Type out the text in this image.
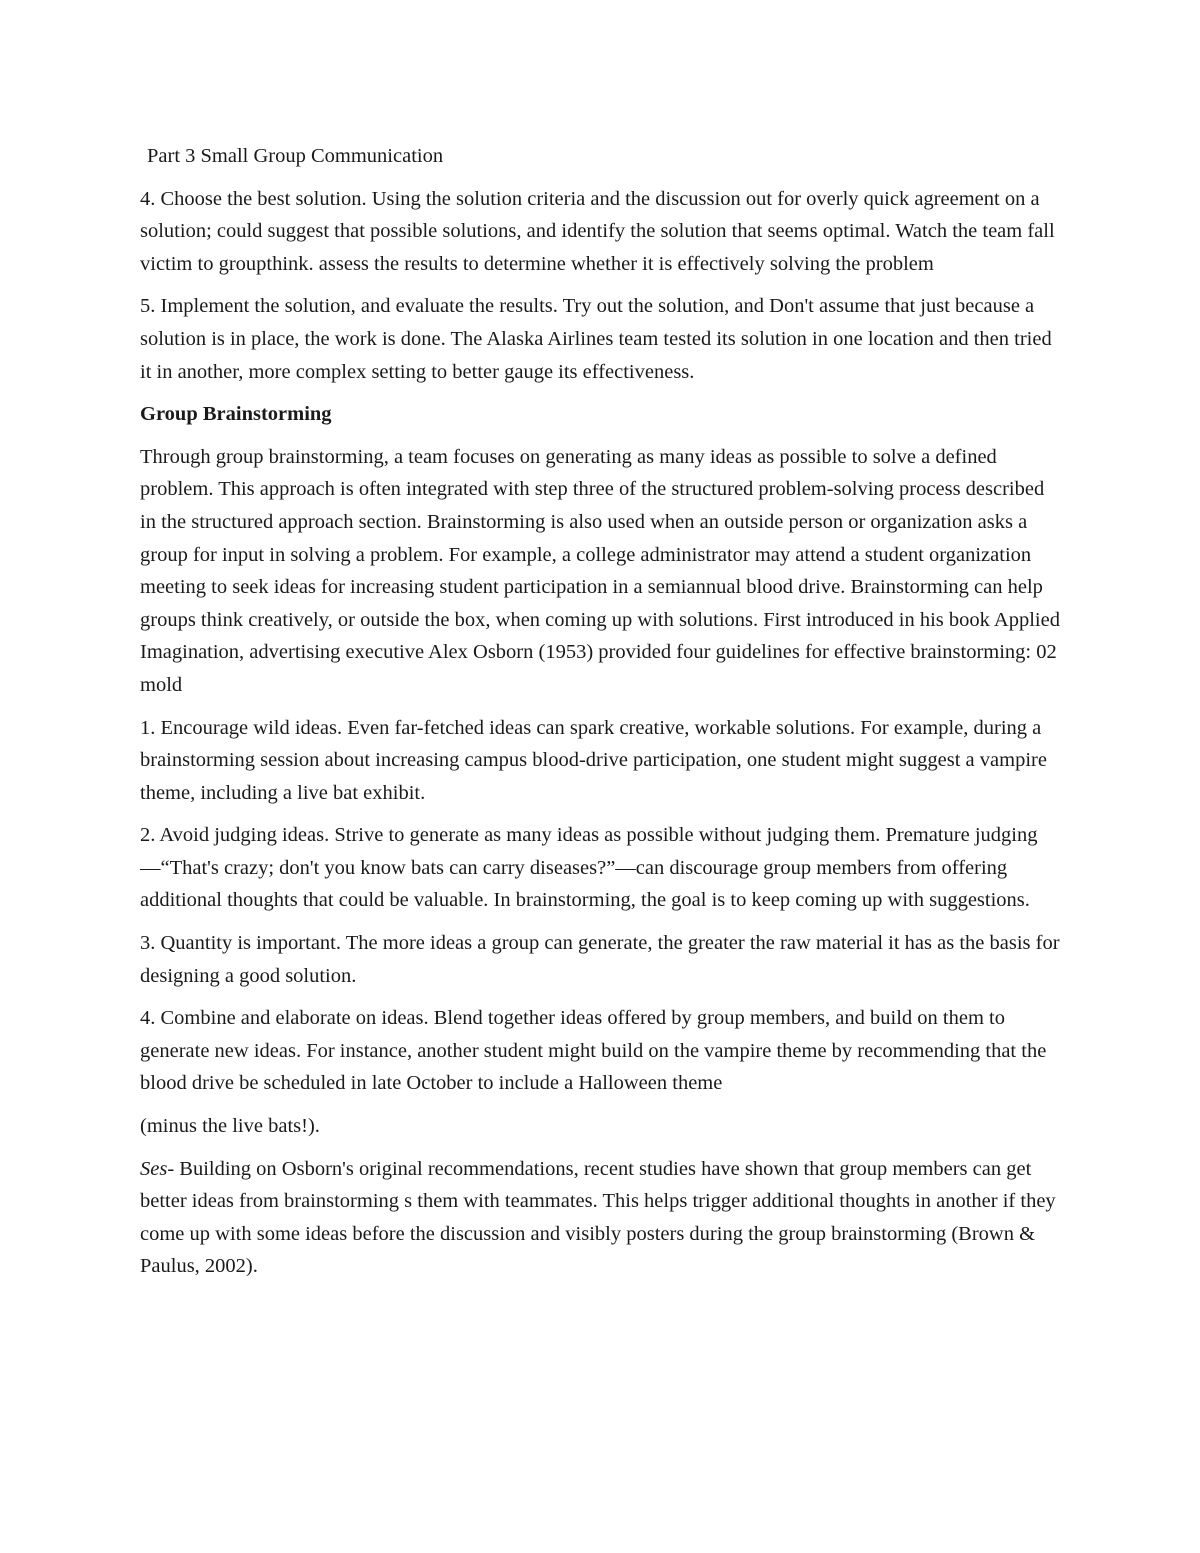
Part 3 Small Group Communication

4. Choose the best solution. Using the solution criteria and the discussion out for overly quick agreement on a solution; could suggest that possible solutions, and identify the solution that seems optimal. Watch the team fall victim to groupthink. assess the results to determine whether it is effectively solving the problem

5. Implement the solution, and evaluate the results. Try out the solution, and Don't assume that just because a solution is in place, the work is done. The Alaska Airlines team tested its solution in one location and then tried it in another, more complex setting to better gauge its effectiveness.

Group Brainstorming

Through group brainstorming, a team focuses on generating as many ideas as possible to solve a defined problem. This approach is often integrated with step three of the structured problem-solving process described in the structured approach section. Brainstorming is also used when an outside person or organization asks a group for input in solving a problem. For example, a college administrator may attend a student organization meeting to seek ideas for increasing student participation in a semiannual blood drive. Brainstorming can help groups think creatively, or outside the box, when coming up with solutions. First introduced in his book Applied Imagination, advertising executive Alex Osborn (1953) provided four guidelines for effective brainstorming: 02 mold

1. Encourage wild ideas. Even far-fetched ideas can spark creative, workable solutions. For example, during a brainstorming session about increasing campus blood-drive participation, one student might suggest a vampire theme, including a live bat exhibit.

2. Avoid judging ideas. Strive to generate as many ideas as possible without judging them. Premature judging—“That's crazy; don't you know bats can carry diseases?”—can discourage group members from offering additional thoughts that could be valuable. In brainstorming, the goal is to keep coming up with suggestions.

3. Quantity is important. The more ideas a group can generate, the greater the raw material it has as the basis for designing a good solution.

4. Combine and elaborate on ideas. Blend together ideas offered by group members, and build on them to generate new ideas. For instance, another student might build on the vampire theme by recommending that the blood drive be scheduled in late October to include a Halloween theme

(minus the live bats!).

Ses- Building on Osborn's original recommendations, recent studies have shown that group members can get better ideas from brainstorming s them with teammates. This helps trigger additional thoughts in another if they come up with some ideas before the discussion and visibly posters during the group brainstorming (Brown & Paulus, 2002).
